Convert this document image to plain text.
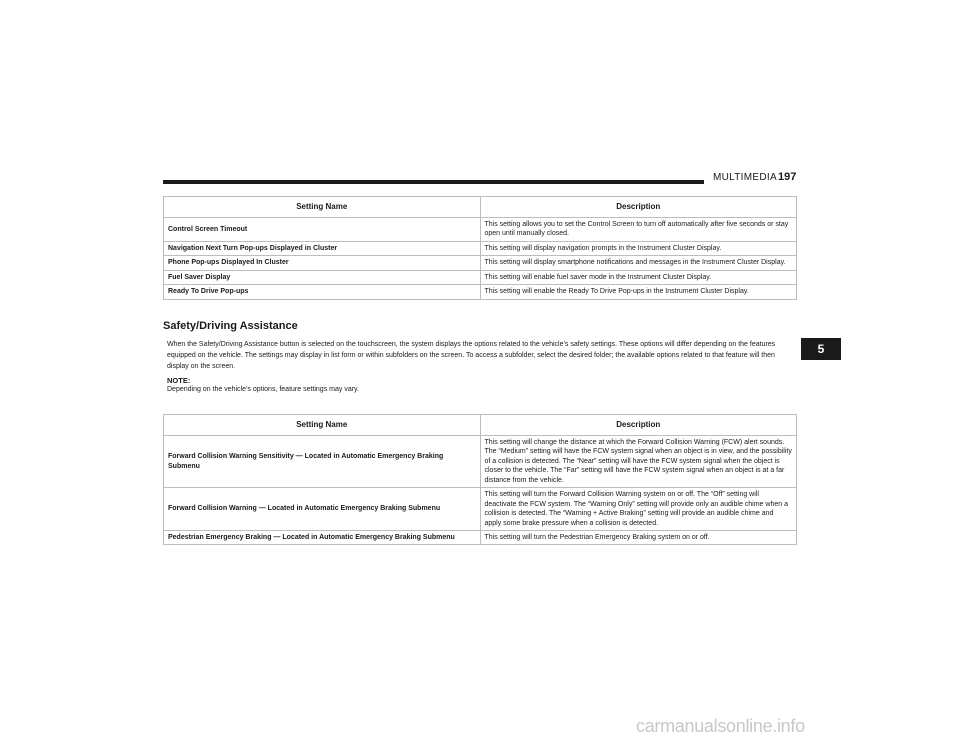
MULTIMEDIA 197
Setting Name	Description
Control Screen Timeout	This setting allows you to set the Control Screen to turn off automatically after five seconds or stay open until manually closed.
Navigation Next Turn Pop-ups Displayed in Cluster	This setting will display navigation prompts in the Instrument Cluster Display.
Phone Pop-ups Displayed In Cluster	This setting will display smartphone notifications and messages in the Instrument Cluster Display.
Fuel Saver Display	This setting will enable fuel saver mode in the Instrument Cluster Display.
Ready To Drive Pop-ups	This setting will enable the Ready To Drive Pop-ups in the Instrument Cluster Display.
Safety/Driving Assistance
When the Safety/Driving Assistance button is selected on the touchscreen, the system displays the options related to the vehicle’s safety settings. These options will differ depending on the features equipped on the vehicle. The settings may display in list form or within subfolders on the screen. To access a subfolder, select the desired folder; the available options related to that feature will then display on the screen.
NOTE:
Depending on the vehicle’s options, feature settings may vary.
Setting Name	Description
Forward Collision Warning Sensitivity — Located in Automatic Emergency Braking Submenu	This setting will change the distance at which the Forward Collision Warning (FCW) alert sounds. The “Medium” setting will have the FCW system signal when an object is in view, and the possibility of a collision is detected. The “Near” setting will have the FCW system signal when the object is closer to the vehicle. The “Far” setting will have the FCW system signal when an object is at a far distance from the vehicle.
Forward Collision Warning — Located in Automatic Emergency Braking Submenu	This setting will turn the Forward Collision Warning system on or off. The “Off” setting will deactivate the FCW system. The “Warning Only” setting will provide only an audible chime when a collision is detected. The “Warning + Active Braking” setting will provide an audible chime and apply some brake pressure when a collision is detected.
Pedestrian Emergency Braking — Located in Automatic Emergency Braking Submenu	This setting will turn the Pedestrian Emergency Braking system on or off.
5
carmanualsonline.info
